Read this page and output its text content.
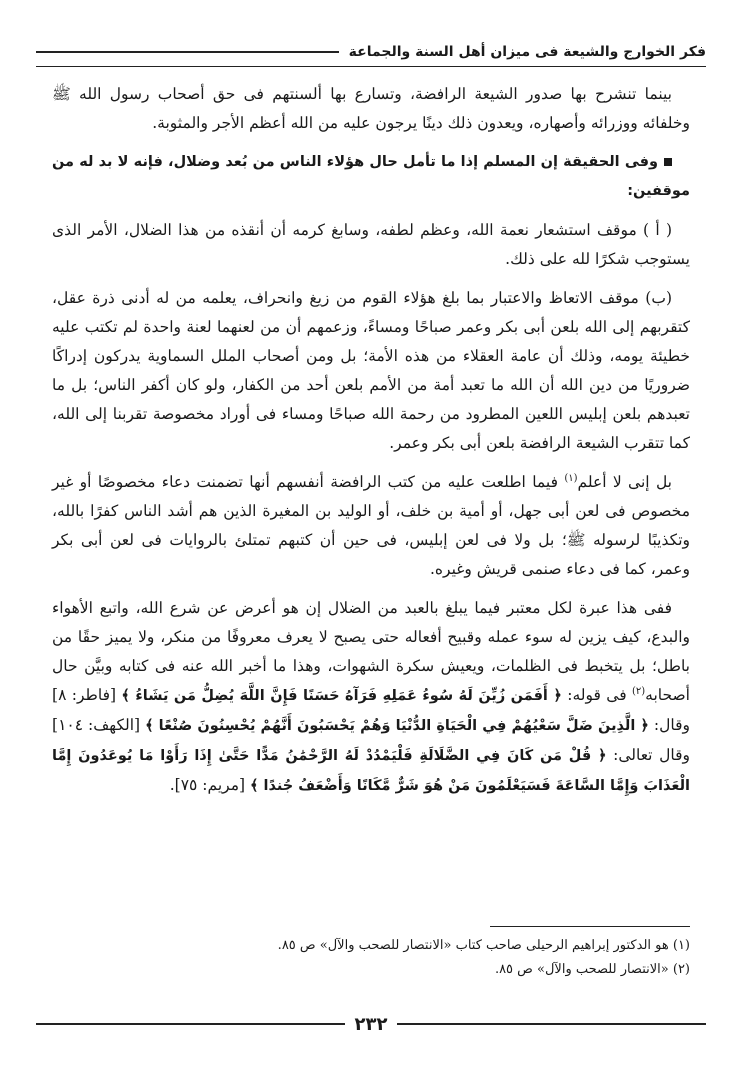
فكر الخوارج والشيعة فى ميزان أهل السنة والجماعة

بينما تنشرح بها صدور الشيعة الرافضة، وتسارع بها ألسنتهم فى حق أصحاب رسول الله ﷺ وخلفائه ووزرائه وأصهاره، ويعدون ذلك دينًا يرجون عليه من الله أعظم الأجر والمثوبة.

وفى الحقيقة إن المسلم إذا ما تأمل حال هؤلاء الناس من بُعد وضلال، فإنه لا بد له من موقفين:

( أ ) موقف استشعار نعمة الله، وعظم لطفه، وسابغ كرمه أن أنقذه من هذا الضلال، الأمر الذى يستوجب شكرًا لله على ذلك.

(ب) موقف الاتعاظ والاعتبار بما بلغ هؤلاء القوم من زيغ وانحراف، يعلمه من له أدنى ذرة عقل، كتقربهم إلى الله بلعن أبى بكر وعمر صباحًا ومساءً، وزعمهم أن من لعنهما لعنة واحدة لم تكتب عليه خطيئة يومه، وذلك أن عامة العقلاء من هذه الأمة؛ بل ومن أصحاب الملل السماوية يدركون إدراكًا ضروريًا من دين الله أن الله ما تعبد أمة من الأمم بلعن أحد من الكفار، ولو كان أكفر الناس؛ بل ما تعبدهم بلعن إبليس اللعين المطرود من رحمة الله صباحًا ومساء فى أوراد مخصوصة تقربنا إلى الله، كما تتقرب الشيعة الرافضة بلعن أبى بكر وعمر.

بل إنى لا أعلم$^{(١)}$ فيما اطلعت عليه من كتب الرافضة أنفسهم أنها تضمنت دعاء مخصوصًا أو غير مخصوص فى لعن أبى جهل، أو أمية بن خلف، أو الوليد بن المغيرة الذين هم أشد الناس كفرًا بالله، وتكذيبًا لرسوله ﷺ؛ بل ولا فى لعن إبليس، فى حين أن كتبهم تمتلئ بالروايات فى لعن أبى بكر وعمر، كما فى دعاء صنمى قريش وغيره.

ففى هذا عبرة لكل معتبر فيما يبلغ بالعبد من الضلال إن هو أعرض عن شرع الله، واتبع الأهواء والبدع، كيف يزين له سوء عمله وقبيح أفعاله حتى يصبح لا يعرف معروفًا من منكر، ولا يميز حقًا من باطل؛ بل يتخبط فى الظلمات، ويعيش سكرة الشهوات، وهذا ما أخبر الله عنه فى كتابه وبيَّن حال أصحابه$^{(٢)}$ فى قوله: ﴿ أَفَمَن زُيِّنَ لَهُ سُوءُ عَمَلِهِ فَرَآهُ حَسَنًا فَإِنَّ اللَّهَ يُضِلُّ مَن يَشَاءُ ﴾ [فاطر: ٨] وقال: ﴿ الَّذِينَ ضَلَّ سَعْيُهُمْ فِي الْحَيَاةِ الدُّنْيَا وَهُمْ يَحْسَبُونَ أَنَّهُمْ يُحْسِنُونَ صُنْعًا ﴾ [الكهف: ١٠٤] وقال تعالى: ﴿ قُلْ مَن كَانَ فِي الضَّلَالَةِ فَلْيَمْدُدْ لَهُ الرَّحْمَٰنُ مَدًّا حَتَّىٰ إِذَا رَأَوْا مَا يُوعَدُونَ إِمَّا الْعَذَابَ وَإِمَّا السَّاعَةَ فَسَيَعْلَمُونَ مَنْ هُوَ شَرٌّ مَّكَانًا وَأَضْعَفُ جُندًا ﴾ [مريم: ٧٥].

(١) هو الدكتور إبراهيم الرحيلى صاحب كتاب «الانتصار للصحب والآل» ص ٨٥.
(٢) «الانتصار للصحب والآل» ص ٨٥.
٢٣٢
